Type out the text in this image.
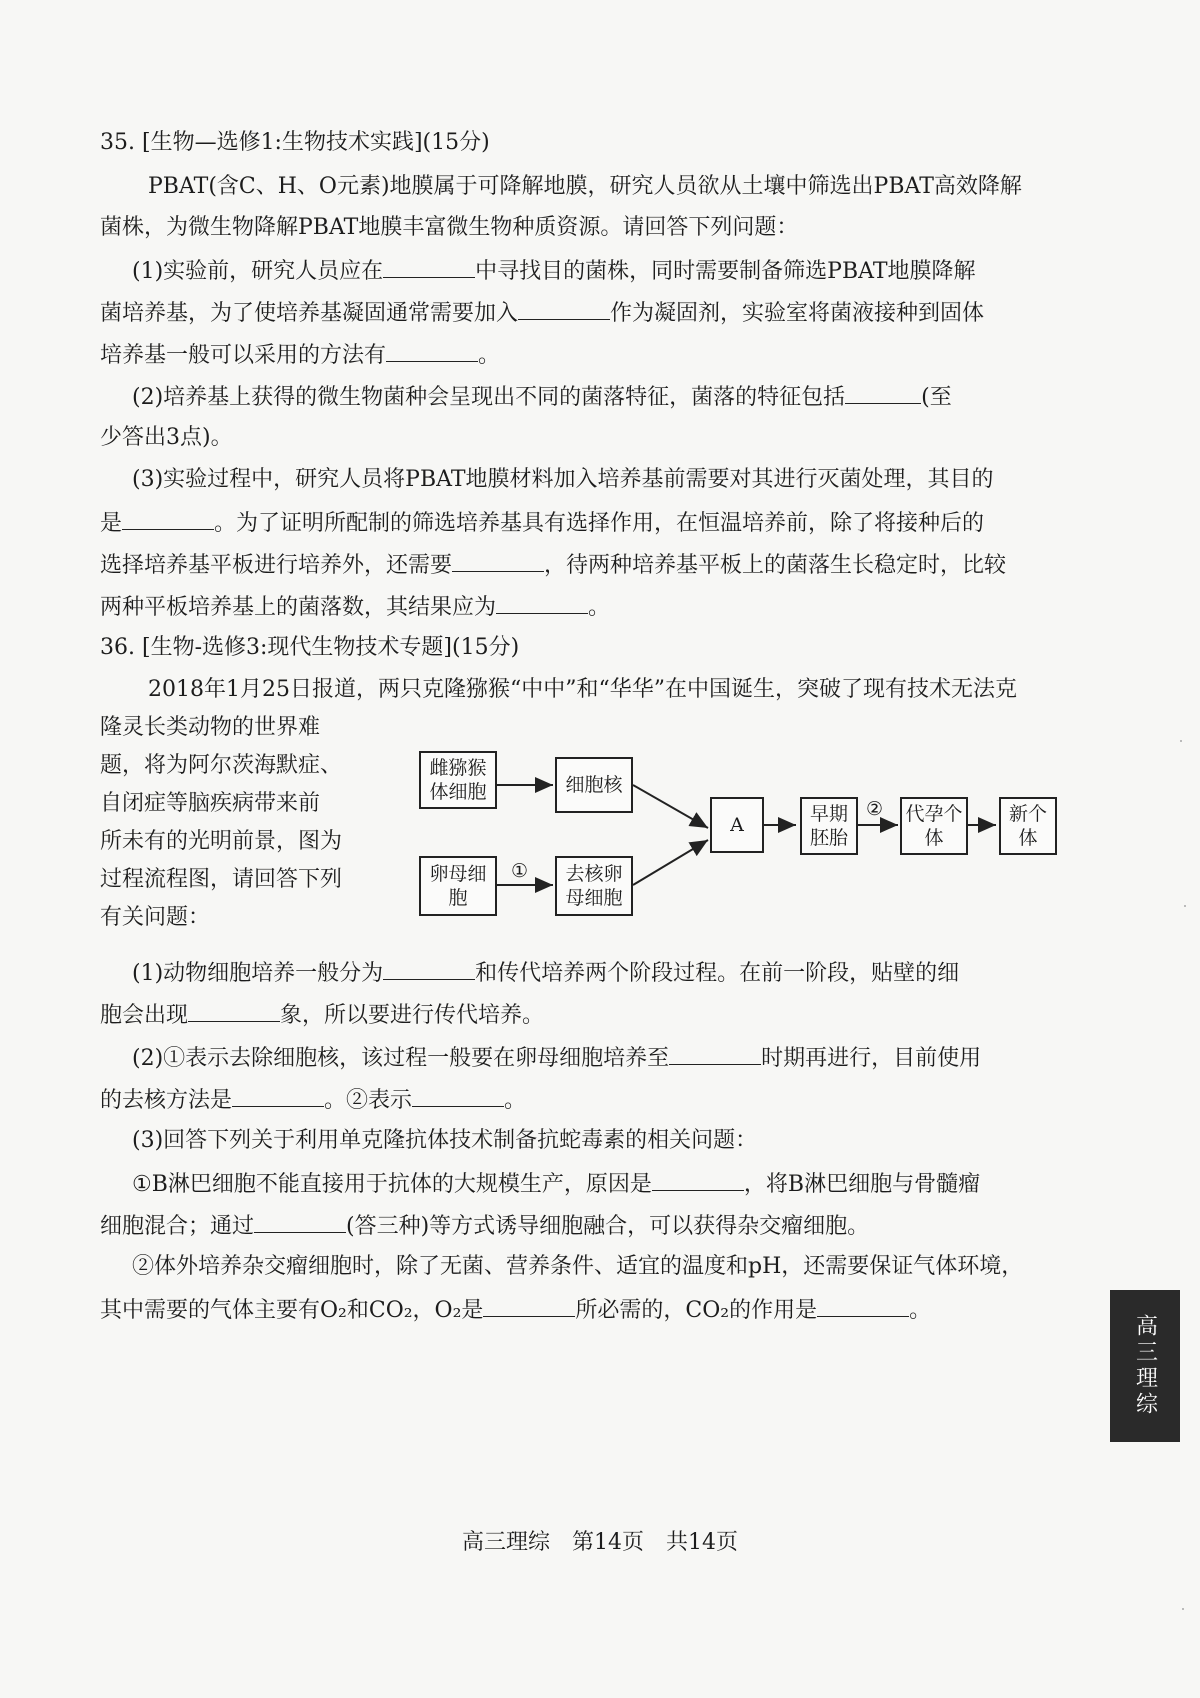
35. [生物—选修1:生物技术实践](15分)
PBAT(含C、H、O元素)地膜属于可降解地膜，研究人员欲从土壤中筛选出PBAT高效降解
菌株，为微生物降解PBAT地膜丰富微生物种质资源。请回答下列问题：
(1)实验前，研究人员应在	中寻找目的菌株，同时需要制备筛选PBAT地膜降解
菌培养基，为了使培养基凝固通常需要加入	作为凝固剂，实验室将菌液接种到固体
培养基一般可以采用的方法有	。
(2)培养基上获得的微生物菌种会呈现出不同的菌落特征，菌落的特征包括	(至
少答出3点)。
(3)实验过程中，研究人员将PBAT地膜材料加入培养基前需要对其进行灭菌处理，其目的
是	。为了证明所配制的筛选培养基具有选择作用，在恒温培养前，除了将接种后的
选择培养基平板进行培养外，还需要	，待两种培养基平板上的菌落生长稳定时，比较
两种平板培养基上的菌落数，其结果应为	。
36. [生物-选修3:现代生物技术专题](15分)
2018年1月25日报道，两只克隆猕猴“中中”和“华华”在中国诞生，突破了现有技术无法克
隆灵长类动物的世界难
题，将为阿尔茨海默症、
自闭症等脑疾病带来前
所未有的光明前景，图为
过程流程图，请回答下列
有关问题：
雌猕猴体细胞	细胞核
卵母细胞
去核卵母细胞
①
A	早期胚胎
② 代孕个体
新个体
(1)动物细胞培养一般分为	和传代培养两个阶段过程。在前一阶段，贴壁的细
胞会出现	象，所以要进行传代培养。
(2)①表示去除细胞核，该过程一般要在卵母细胞培养至	时期再进行，目前使用
的去核方法是	。②表示	。
(3)回答下列关于利用单克隆抗体技术制备抗蛇毒素的相关问题：
①B淋巴细胞不能直接用于抗体的大规模生产，原因是	，将B淋巴细胞与骨髓瘤
细胞混合；通过	(答三种)等方式诱导细胞融合，可以获得杂交瘤细胞。
②体外培养杂交瘤细胞时，除了无菌、营养条件、适宜的温度和pH，还需要保证气体环境，
其中需要的气体主要有O₂和CO₂，O₂是	所必需的，CO₂的作用是	。
高三理综
高三理综　第14页　共14页
